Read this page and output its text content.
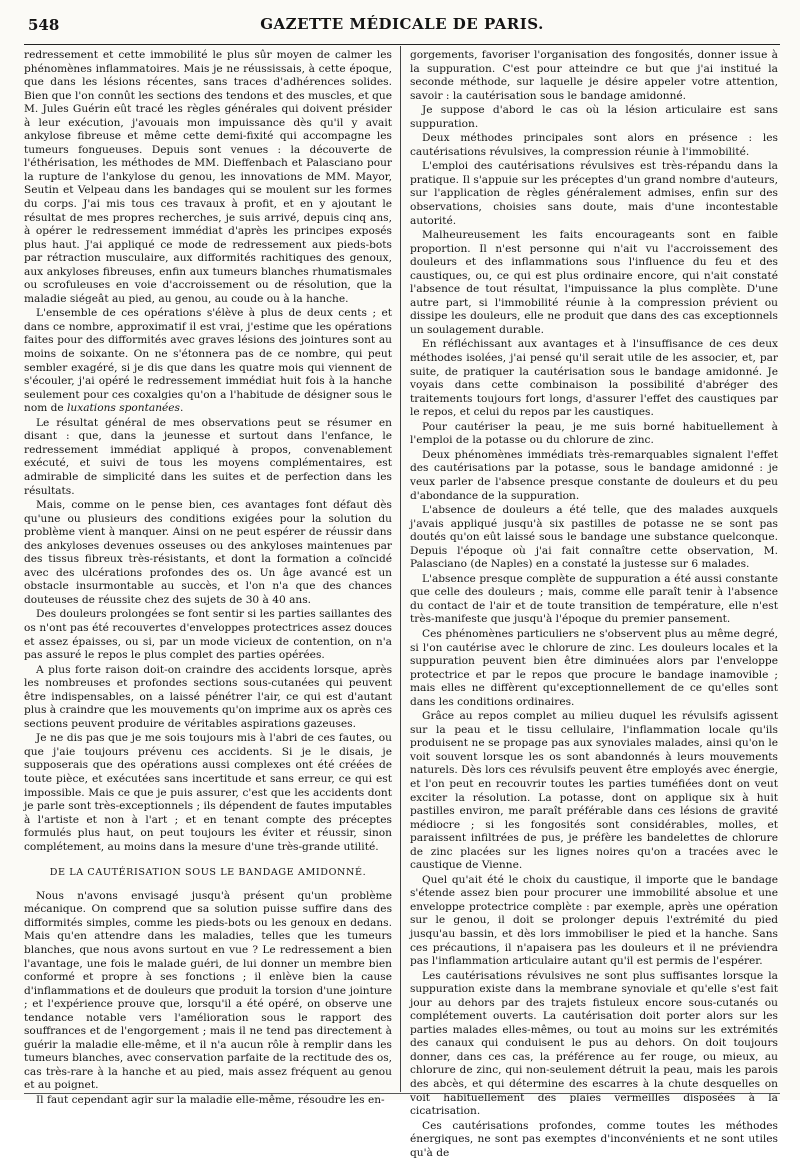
548	GAZETTE MÉDICALE DE PARIS.

redressement et cette immobilité le plus sûr moyen de calmer les phénomènes inflammatoires. Mais je ne réussissais, à cette époque, que dans les lésions récentes, sans traces d'adhérences solides. Bien que l'on connût les sections des tendons et des muscles, et que M. Jules Guérin eût tracé les règles générales qui doivent présider à leur exécution, j'avouais mon impuissance dès qu'il y avait ankylose fibreuse et même cette demi-fixité qui accompagne les tumeurs fongueuses. Depuis sont venues : la découverte de l'éthérisation, les méthodes de MM. Dieffenbach et Palasciano pour la rupture de l'ankylose du genou, les innovations de MM. Mayor, Seutin et Velpeau dans les bandages qui se moulent sur les formes du corps. J'ai mis tous ces travaux à profit, et en y ajoutant le résultat de mes propres recherches, je suis arrivé, depuis cinq ans, à opérer le redressement immédiat d'après les principes exposés plus haut. J'ai appliqué ce mode de redressement aux pieds-bots par rétraction musculaire, aux difformités rachitiques des genoux, aux ankyloses fibreuses, enfin aux tumeurs blanches rhumatismales ou scrofuleuses en voie d'accroissement ou de résolution, que la maladie siégeât au pied, au genou, au coude ou à la hanche.

L'ensemble de ces opérations s'élève à plus de deux cents ; et dans ce nombre, approximatif il est vrai, j'estime que les opérations faites pour des difformités avec graves lésions des jointures sont au moins de soixante. On ne s'étonnera pas de ce nombre, qui peut sembler exagéré, si je dis que dans les quatre mois qui viennent de s'écouler, j'ai opéré le redressement immédiat huit fois à la hanche seulement pour ces coxalgies qu'on a l'habitude de désigner sous le nom de luxations spontanées.

Le résultat général de mes observations peut se résumer en disant : que, dans la jeunesse et surtout dans l'enfance, le redressement immédiat appliqué à propos, convenablement exécuté, et suivi de tous les moyens complémentaires, est admirable de simplicité dans les suites et de perfection dans les résultats.

Mais, comme on le pense bien, ces avantages font défaut dès qu'une ou plusieurs des conditions exigées pour la solution du problème vient à manquer. Ainsi on ne peut espérer de réussir dans des ankyloses devenues osseuses ou des ankyloses maintenues par des tissus fibreux très-résistants, et dont la formation a coïncidé avec des ulcérations profondes des os. Un âge avancé est un obstacle insurmontable au succès, et l'on n'a que des chances douteuses de réussite chez des sujets de 30 à 40 ans.

Des douleurs prolongées se font sentir si les parties saillantes des os n'ont pas été recouvertes d'enveloppes protectrices assez douces et assez épaisses, ou si, par un mode vicieux de contention, on n'a pas assuré le repos le plus complet des parties opérées.

A plus forte raison doit-on craindre des accidents lorsque, après les nombreuses et profondes sections sous-cutanées qui peuvent être indispensables, on a laissé pénétrer l'air, ce qui est d'autant plus à craindre que les mouvements qu'on imprime aux os après ces sections peuvent produire de véritables aspirations gazeuses.

Je ne dis pas que je me sois toujours mis à l'abri de ces fautes, ou que j'aie toujours prévenu ces accidents. Si je le disais, je supposerais que des opérations aussi complexes ont été créées de toute pièce, et exécutées sans incertitude et sans erreur, ce qui est impossible. Mais ce que je puis assurer, c'est que les accidents dont je parle sont très-exceptionnels ; ils dépendent de fautes imputables à l'artiste et non à l'art ; et en tenant compte des préceptes formulés plus haut, on peut toujours les éviter et réussir, sinon complétement, au moins dans la mesure d'une très-grande utilité.

DE LA CAUTÉRISATION SOUS LE BANDAGE AMIDONNÉ.

Nous n'avons envisagé jusqu'à présent qu'un problème mécanique. On comprend que sa solution puisse suffire dans des difformités simples, comme les pieds-bots ou les genoux en dedans. Mais qu'en attendre dans les maladies, telles que les tumeurs blanches, que nous avons surtout en vue ? Le redressement a bien l'avantage, une fois le malade guéri, de lui donner un membre bien conformé et propre à ses fonctions ; il enlève bien la cause d'inflammations et de douleurs que produit la torsion d'une jointure ; et l'expérience prouve que, lorsqu'il a été opéré, on observe une tendance notable vers l'amélioration sous le rapport des souffrances et de l'engorgement ; mais il ne tend pas directement à guérir la maladie elle-même, et il n'a aucun rôle à remplir dans les tumeurs blanches, avec conservation parfaite de la rectitude des os, cas très-rare à la hanche et au pied, mais assez fréquent au genou et au poignet.

Il faut cependant agir sur la maladie elle-même, résoudre les en-

gorgements, favoriser l'organisation des fongosités, donner issue à la suppuration. C'est pour atteindre ce but que j'ai institué la seconde méthode, sur laquelle je désire appeler votre attention, savoir : la cautérisation sous le bandage amidonné.

Je suppose d'abord le cas où la lésion articulaire est sans suppuration.

Deux méthodes principales sont alors en présence : les cautérisations révulsives, la compression réunie à l'immobilité.

L'emploi des cautérisations révulsives est très-répandu dans la pratique. Il s'appuie sur les préceptes d'un grand nombre d'auteurs, sur l'application de règles généralement admises, enfin sur des observations, choisies sans doute, mais d'une incontestable autorité.

Malheureusement les faits encourageants sont en faible proportion. Il n'est personne qui n'ait vu l'accroissement des douleurs et des inflammations sous l'influence du feu et des caustiques, ou, ce qui est plus ordinaire encore, qui n'ait constaté l'absence de tout résultat, l'impuissance la plus complète. D'une autre part, si l'immobilité réunie à la compression prévient ou dissipe les douleurs, elle ne produit que dans des cas exceptionnels un soulagement durable.

En réfléchissant aux avantages et à l'insuffisance de ces deux méthodes isolées, j'ai pensé qu'il serait utile de les associer, et, par suite, de pratiquer la cautérisation sous le bandage amidonné. Je voyais dans cette combinaison la possibilité d'abréger des traitements toujours fort longs, d'assurer l'effet des caustiques par le repos, et celui du repos par les caustiques.

Pour cautériser la peau, je me suis borné habituellement à l'emploi de la potasse ou du chlorure de zinc.

Deux phénomènes immédiats très-remarquables signalent l'effet des cautérisations par la potasse, sous le bandage amidonné : je veux parler de l'absence presque constante de douleurs et du peu d'abondance de la suppuration.

L'absence de douleurs a été telle, que des malades auxquels j'avais appliqué jusqu'à six pastilles de potasse ne se sont pas doutés qu'on eût laissé sous le bandage une substance quelconque. Depuis l'époque où j'ai fait connaître cette observation, M. Palasciano (de Naples) en a constaté la justesse sur 6 malades.

L'absence presque complète de suppuration a été aussi constante que celle des douleurs ; mais, comme elle paraît tenir à l'absence du contact de l'air et de toute transition de température, elle n'est très-manifeste que jusqu'à l'époque du premier pansement.

Ces phénomènes particuliers ne s'observent plus au même degré, si l'on cautérise avec le chlorure de zinc. Les douleurs locales et la suppuration peuvent bien être diminuées alors par l'enveloppe protectrice et par le repos que procure le bandage inamovible ; mais elles ne diffèrent qu'exceptionnellement de ce qu'elles sont dans les conditions ordinaires.

Grâce au repos complet au milieu duquel les révulsifs agissent sur la peau et le tissu cellulaire, l'inflammation locale qu'ils produisent ne se propage pas aux synoviales malades, ainsi qu'on le voit souvent lorsque les os sont abandonnés à leurs mouvements naturels. Dès lors ces révulsifs peuvent être employés avec énergie, et l'on peut en recouvrir toutes les parties tuméfiées dont on veut exciter la résolution. La potasse, dont on applique six à huit pastilles environ, me paraît préférable dans ces lésions de gravité médiocre ; si les fongosités sont considérables, molles, et paraissent infiltrées de pus, je préfère les bandelettes de chlorure de zinc placées sur les lignes noires qu'on a tracées avec le caustique de Vienne.

Quel qu'ait été le choix du caustique, il importe que le bandage s'étende assez bien pour procurer une immobilité absolue et une enveloppe protectrice complète : par exemple, après une opération sur le genou, il doit se prolonger depuis l'extrémité du pied jusqu'au bassin, et dès lors immobiliser le pied et la hanche. Sans ces précautions, il n'apaisera pas les douleurs et il ne préviendra pas l'inflammation articulaire autant qu'il est permis de l'espérer.

Les cautérisations révulsives ne sont plus suffisantes lorsque la suppuration existe dans la membrane synoviale et qu'elle s'est fait jour au dehors par des trajets fistuleux encore sous-cutanés ou complétement ouverts. La cautérisation doit porter alors sur les parties malades elles-mêmes, ou tout au moins sur les extrémités des canaux qui conduisent le pus au dehors. On doit toujours donner, dans ces cas, la préférence au fer rouge, ou mieux, au chlorure de zinc, qui non-seulement détruit la peau, mais les parois des abcès, et qui détermine des escarres à la chute desquelles on voit habituellement des plaies vermeilles disposées à la cicatrisation.

Ces cautérisations profondes, comme toutes les méthodes énergiques, ne sont pas exemptes d'inconvénients et ne sont utiles qu'à de
